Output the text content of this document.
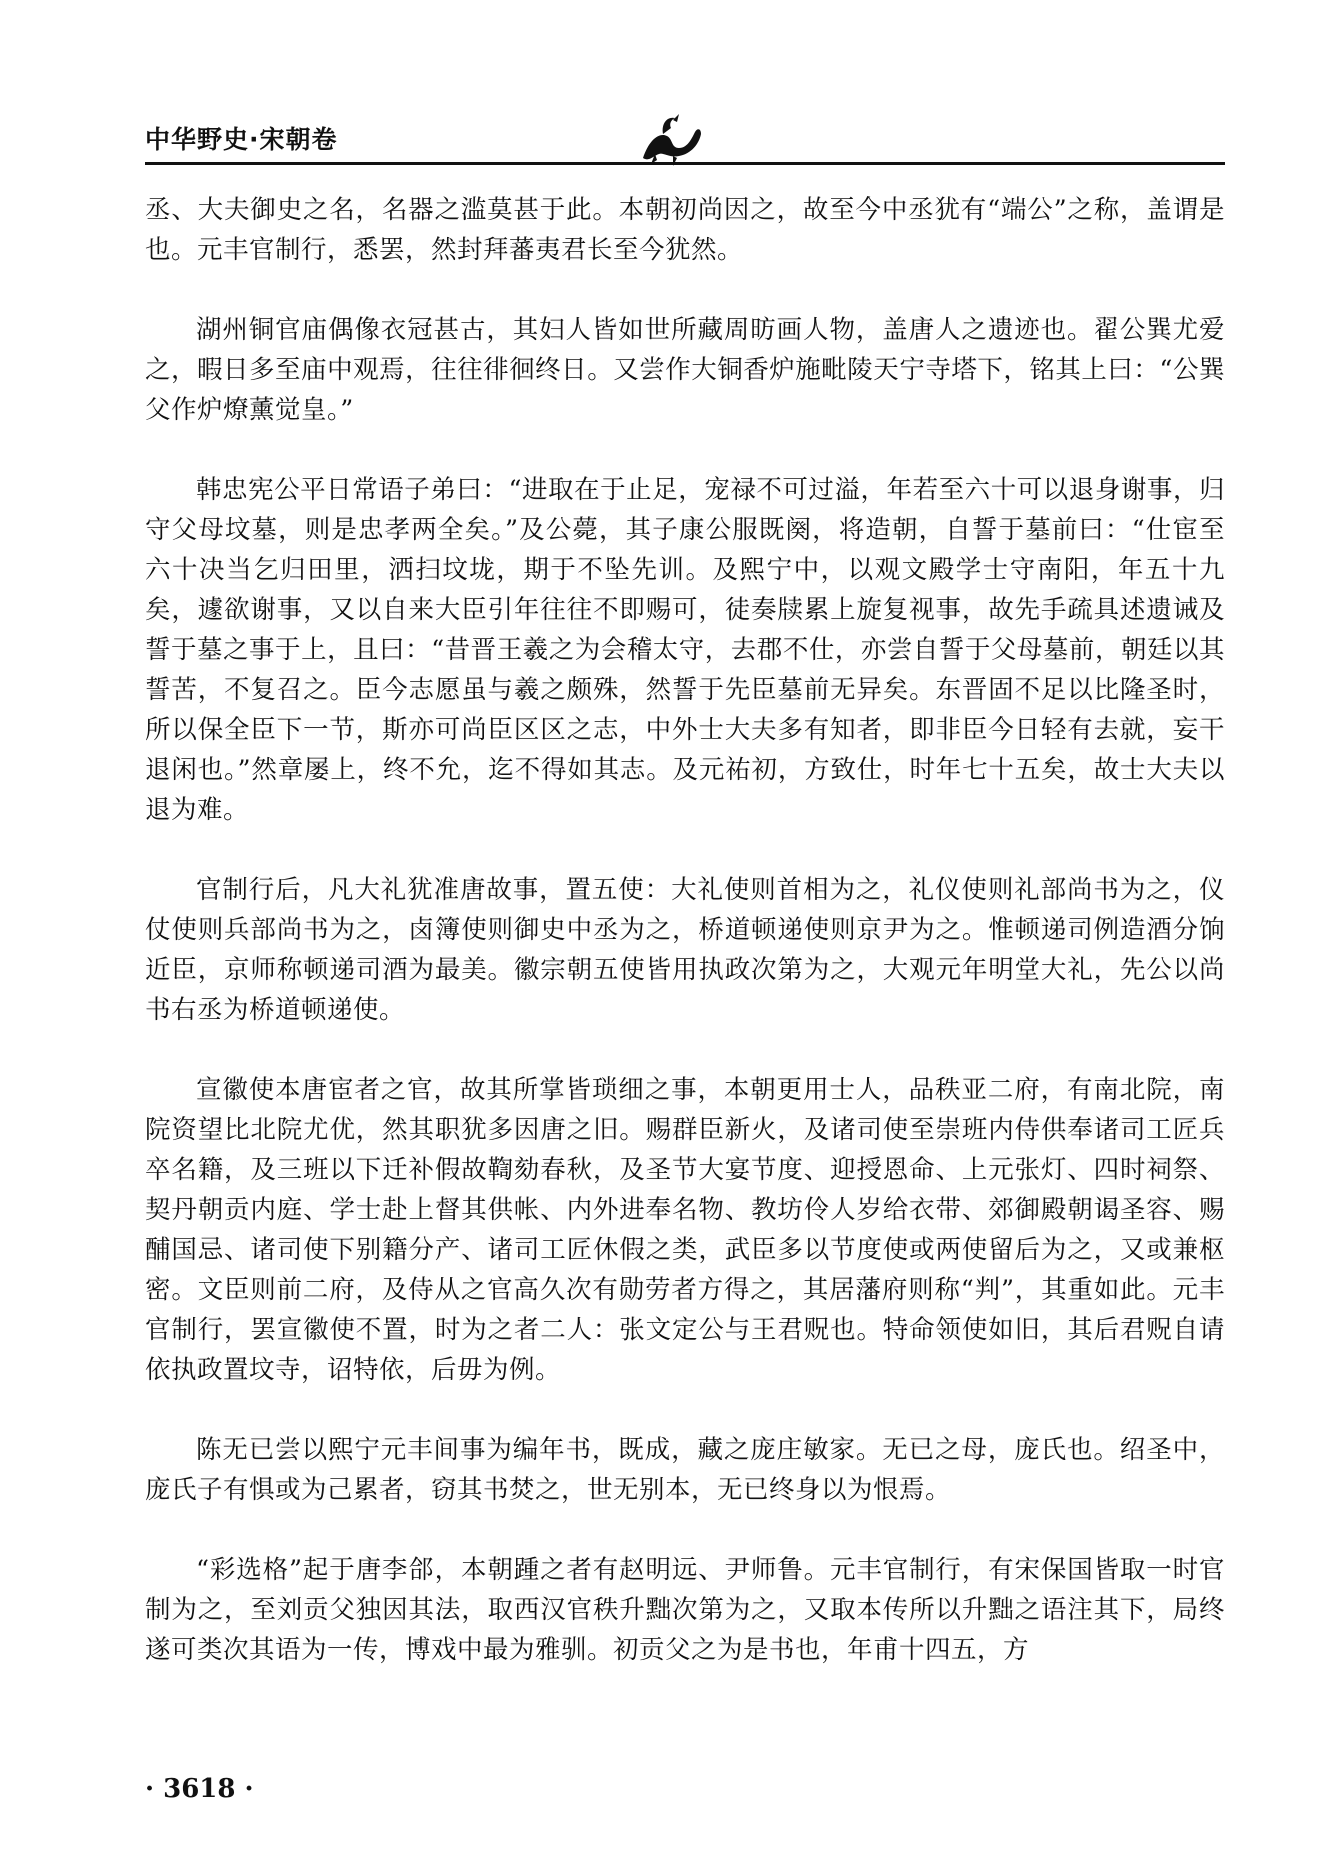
中华野史·宋朝卷

丞、大夫御史之名，名器之滥莫甚于此。本朝初尚因之，故至今中丞犹有“端公”之称，盖谓是也。元丰官制行，悉罢，然封拜蕃夷君长至今犹然。

湖州铜官庙偶像衣冠甚古，其妇人皆如世所藏周昉画人物，盖唐人之遗迹也。翟公巽尤爱之，暇日多至庙中观焉，往往徘徊终日。又尝作大铜香炉施毗陵天宁寺塔下，铭其上曰：“公巽父作炉燎薰觉皇。”

韩忠宪公平日常语子弟曰：“进取在于止足，宠禄不可过溢，年若至六十可以退身谢事，归守父母坟墓，则是忠孝两全矣。”及公薨，其子康公服既阕，将造朝，自誓于墓前曰：“仕宦至六十决当乞归田里，洒扫坟垅，期于不坠先训。及熙宁中，以观文殿学士守南阳，年五十九矣，遽欲谢事，又以自来大臣引年往往不即赐可，徒奏牍累上旋复视事，故先手疏具述遗诫及誓于墓之事于上，且曰：“昔晋王羲之为会稽太守，去郡不仕，亦尝自誓于父母墓前，朝廷以其誓苦，不复召之。臣今志愿虽与羲之颇殊，然誓于先臣墓前无异矣。东晋固不足以比隆圣时，所以保全臣下一节，斯亦可尚臣区区之志，中外士大夫多有知者，即非臣今日轻有去就，妄干退闲也。”然章屡上，终不允，迄不得如其志。及元祐初，方致仕，时年七十五矣，故士大夫以退为难。

官制行后，凡大礼犹准唐故事，置五使：大礼使则首相为之，礼仪使则礼部尚书为之，仪仗使则兵部尚书为之，卤簿使则御史中丞为之，桥道顿递使则京尹为之。惟顿递司例造酒分饷近臣，京师称顿递司酒为最美。徽宗朝五使皆用执政次第为之，大观元年明堂大礼，先公以尚书右丞为桥道顿递使。

宣徽使本唐宦者之官，故其所掌皆琐细之事，本朝更用士人，品秩亚二府，有南北院，南院资望比北院尤优，然其职犹多因唐之旧。赐群臣新火，及诸司使至崇班内侍供奉诸司工匠兵卒名籍，及三班以下迁补假故鞫劾春秋，及圣节大宴节度、迎授恩命、上元张灯、四时祠祭、契丹朝贡内庭、学士赴上督其供帐、内外进奉名物、教坊伶人岁给衣带、郊御殿朝谒圣容、赐酺国忌、诸司使下别籍分产、诸司工匠休假之类，武臣多以节度使或两使留后为之，又或兼枢密。文臣则前二府，及侍从之官高久次有勋劳者方得之，其居藩府则称“判”，其重如此。元丰官制行，罢宣徽使不置，时为之者二人：张文定公与王君贶也。特命领使如旧，其后君贶自请依执政置坟寺，诏特依，后毋为例。

陈无已尝以熙宁元丰间事为编年书，既成，藏之庞庄敏家。无已之母，庞氏也。绍圣中，庞氏子有惧或为己累者，窃其书焚之，世无别本，无已终身以为恨焉。

“彩选格”起于唐李郃，本朝踵之者有赵明远、尹师鲁。元丰官制行，有宋保国皆取一时官制为之，至刘贡父独因其法，取西汉官秩升黜次第为之，又取本传所以升黜之语注其下，局终遂可类次其语为一传，博戏中最为雅驯。初贡父之为是书也，年甫十四五，方

· 3618 ·
